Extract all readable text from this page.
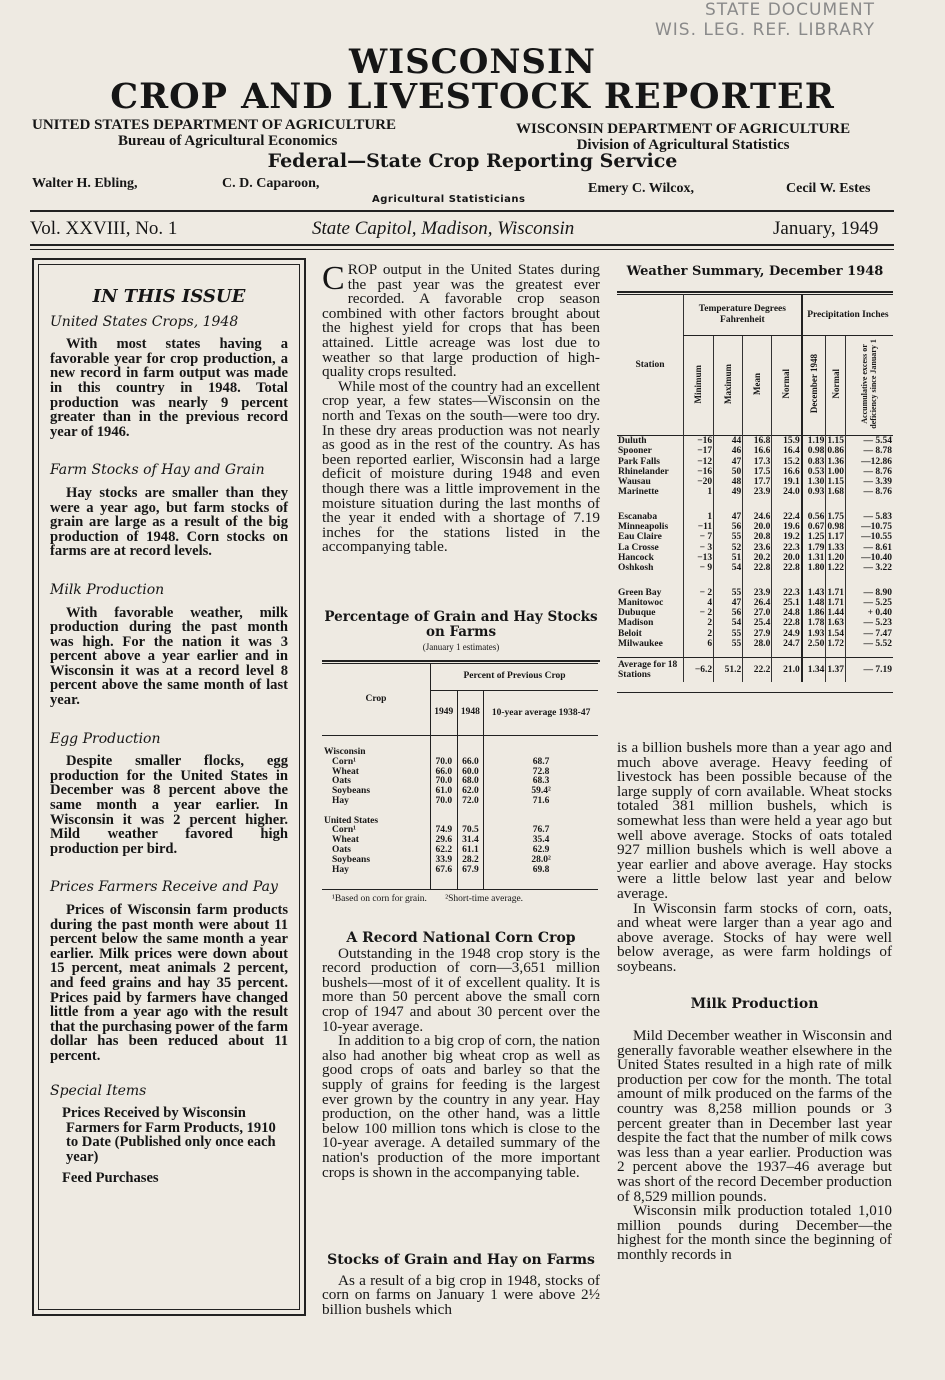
STATE DOCUMENT
WIS. LEG. REF. LIBRARY
WISCONSIN
CROP AND LIVESTOCK REPORTER
UNITED STATES DEPARTMENT OF AGRICULTURE
Bureau of Agricultural Economics
WISCONSIN DEPARTMENT OF AGRICULTURE
Division of Agricultural Statistics
Federal—State Crop Reporting Service
Walter H. Ebling,	C. D. Caparoon,	Emery C. Wilcox,	Cecil W. Estes
Agricultural Statisticians
Vol. XXVIII, No. 1	State Capitol, Madison, Wisconsin	January, 1949
IN THIS ISSUE
United States Crops, 1948

With most states having a favorable year for crop production, a new record in farm output was made in this country in 1948. Total production was nearly 9 percent greater than in the previous record year of 1946.

Farm Stocks of Hay and Grain

Hay stocks are smaller than they were a year ago, but farm stocks of grain are large as a result of the big production of 1948. Corn stocks on farms are at record levels.

Milk Production

With favorable weather, milk production during the past month was high. For the nation it was 3 percent above a year earlier and in Wisconsin it was at a record level 8 percent above the same month of last year.

Egg Production

Despite smaller flocks, egg production for the United States in December was 8 percent above the same month a year earlier. In Wisconsin it was 2 percent higher. Mild weather favored high production per bird.

Prices Farmers Receive and Pay

Prices of Wisconsin farm products during the past month were about 11 percent below the same month a year earlier. Milk prices were down about 15 percent, meat animals 2 percent, and feed grains and hay 35 percent. Prices paid by farmers have changed little from a year ago with the result that the purchasing power of the farm dollar has been reduced about 11 percent.

Special Items

Prices Received by Wisconsin Farmers for Farm Products, 1910 to Date (Published only once each year)

Feed Purchases

CROP output in the United States during the past year was the greatest ever recorded. A favorable crop season combined with other factors brought about the highest yield for crops that has been attained. Little acreage was lost due to weather so that large production of high-quality crops resulted.

While most of the country had an excellent crop year, a few states—Wisconsin on the north and Texas on the south—were too dry. In these dry areas production was not nearly as good as in the rest of the country. As has been reported earlier, Wisconsin had a large deficit of moisture during 1948 and even though there was a little improvement in the moisture situation during the last months of the year it ended with a shortage of 7.19 inches for the stations listed in the accompanying table.

Percentage of Grain and Hay Stocks on Farms
(January 1 estimates)
Crop	Percent of Previous Crop		
	1949	1948	10-year average 1938-47

Wisconsin			
Corn¹	70.0	66.0	68.7
Wheat	66.0	60.0	72.8
Oats	70.0	68.0	68.3
Soybeans	61.0	62.0	59.4²
Hay	70.0	72.0	71.6

United States			
Corn¹	74.9	70.5	76.7
Wheat	29.6	31.4	35.4
Oats	62.2	61.1	62.9
Soybeans	33.9	28.2	28.0²
Hay	67.6	67.9	69.8
¹Based on corn for grain. ²Short-time average.
A Record National Corn Crop

Outstanding in the 1948 crop story is the record production of corn—3,651 million bushels—most of it of excellent quality. It is more than 50 percent above the small corn crop of 1947 and about 30 percent over the 10-year average.

In addition to a big crop of corn, the nation also had another big wheat crop as well as good crops of oats and barley so that the supply of grains for feeding is the largest ever grown by the country in any year. Hay production, on the other hand, was a little below 100 million tons which is close to the 10-year average. A detailed summary of the nation's production of the more important crops is shown in the accompanying table.

Stocks of Grain and Hay on Farms

As a result of a big crop in 1948, stocks of corn on farms on January 1 were above 2½ billion bushels which

Weather Summary, December 1948
Station	Temperature Degrees Fahrenheit				Precipitation Inches		
	Minimum	Maximum	Mean	Normal	December 1948	Normal	Accumulative excess or deficiency since January 1
Duluth	−16	44	16.8	15.9	1.19	1.15	— 5.54
Spooner	−17	46	16.6	16.4	0.98	0.86	— 8.78
Park Falls	−12	47	17.3	15.2	0.83	1.36	—12.86
Rhinelander	−16	50	17.5	16.6	0.53	1.00	— 8.76
Wausau	−20	48	17.7	19.1	1.30	1.15	— 3.39
Marinette	1	49	23.9	24.0	0.93	1.68	— 8.76

Escanaba	1	47	24.6	22.4	0.56	1.75	— 5.83
Minneapolis	−11	56	20.0	19.6	0.67	0.98	—10.75
Eau Claire	− 7	55	20.8	19.2	1.25	1.17	—10.55
La Crosse	− 3	52	23.6	22.3	1.79	1.33	— 8.61
Hancock	−13	51	20.2	20.0	1.31	1.20	—10.40
Oshkosh	− 9	54	22.8	22.8	1.80	1.22	— 3.22

Green Bay	− 2	55	23.9	22.3	1.43	1.71	— 8.90
Manitowoc	4	47	26.4	25.1	1.48	1.71	— 5.25
Dubuque	− 2	56	27.0	24.8	1.86	1.44	+ 0.40
Madison	2	54	25.4	22.8	1.78	1.63	— 5.23
Beloit	2	55	27.9	24.9	1.93	1.54	— 7.47
Milwaukee	6	55	28.0	24.7	2.50	1.72	— 5.52

Average for 18 Stations	−6.2	51.2	22.2	21.0	1.34	1.37	— 7.19

is a billion bushels more than a year ago and much above average. Heavy feeding of livestock has been possible because of the large supply of corn available. Wheat stocks totaled 381 million bushels, which is somewhat less than were held a year ago but well above average. Stocks of oats totaled 927 million bushels which is well above a year earlier and above average. Hay stocks were a little below last year and below average.

In Wisconsin farm stocks of corn, oats, and wheat were larger than a year ago and above average. Stocks of hay were well below average, as were farm holdings of soybeans.

Milk Production

Mild December weather in Wisconsin and generally favorable weather elsewhere in the United States resulted in a high rate of milk production per cow for the month. The total amount of milk produced on the farms of the country was 8,258 million pounds or 3 percent greater than in December last year despite the fact that the number of milk cows was less than a year earlier. Production was 2 percent above the 1937–46 average but was short of the record December production of 8,529 million pounds.

Wisconsin milk production totaled 1,010 million pounds during December—the highest for the month since the beginning of monthly records in
